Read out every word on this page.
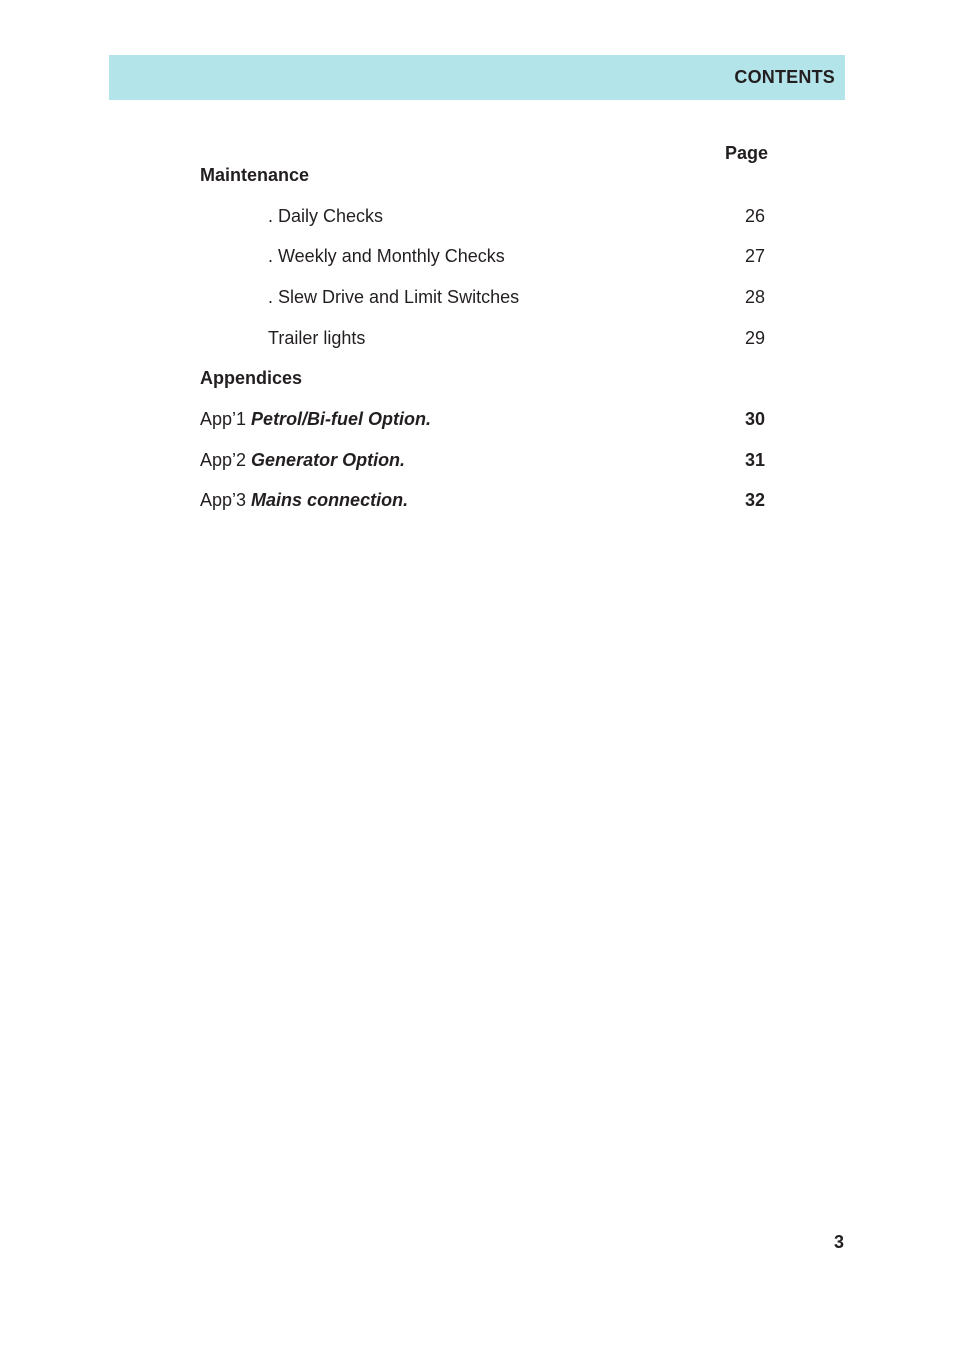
CONTENTS
Page
Maintenance
. Daily Checks	26
. Weekly and Monthly Checks	27
. Slew Drive and Limit Switches	28
Trailer lights	29
Appendices
App’1 Petrol/Bi-fuel Option.	30
App’2 Generator Option.	31
App’3 Mains connection.	32
3
